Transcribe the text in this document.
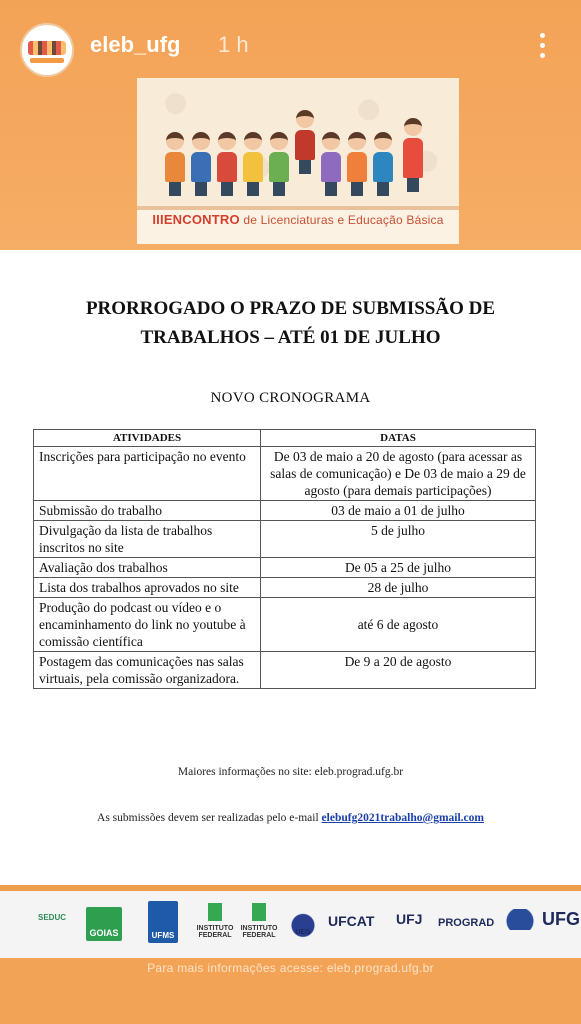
eleb_ufg 1 h
IIIENCONTRO de Licenciaturas e Educação Básica
PRORROGADO O PRAZO DE SUBMISSÃO DE TRABALHOS – ATÉ 01 DE JULHO
NOVO CRONOGRAMA
ATIVIDADES	DATAS
Inscrições para participação no evento	De 03 de maio a 20 de agosto (para acessar as salas de comunicação) e De 03 de maio a 29 de agosto (para demais participações)
Submissão do trabalho	03 de maio a 01 de julho
Divulgação da lista de trabalhos inscritos no site	5 de julho
Avaliação dos trabalhos	De 05 a 25 de julho
Lista dos trabalhos aprovados no site	28 de julho
Produção do podcast ou vídeo e o encaminhamento do link no youtube à comissão científica	até 6 de agosto
Postagem das comunicações nas salas virtuais, pela comissão organizadora.	De 9 a 20 de agosto
Maiores informações no site: eleb.prograd.ufg.br
As submissões devem ser realizadas pelo e-mail elebufg2021trabalho@gmail.com
SEDUC
GOIAS	UFMS
INSTITUTO FEDERAL
INSTITUTO FEDERAL	UEG
UFCAT UFJ PROGRAD	UFG
Para mais informações acesse: eleb.prograd.ufg.br
